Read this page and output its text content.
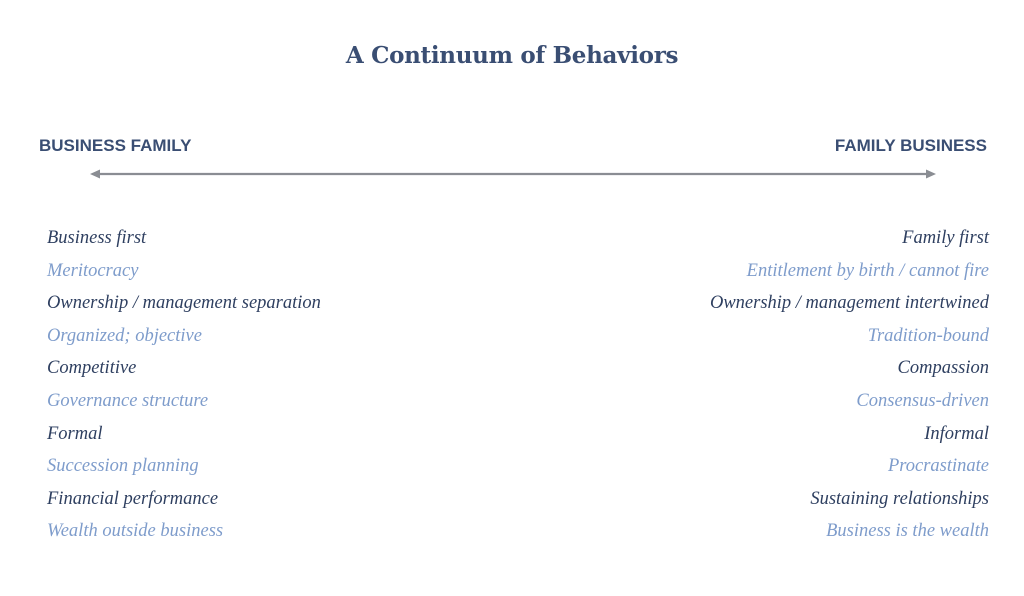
A Continuum of Behaviors
BUSINESS FAMILY	FAMILY BUSINESS
Business first
Meritocracy
Ownership / management separation
Organized; objective
Competitive
Governance structure
Formal
Succession planning
Financial performance
Wealth outside business
Family first
Entitlement by birth / cannot fire
Ownership / management intertwined
Tradition-bound
Compassion
Consensus-driven
Informal
Procrastinate
Sustaining relationships
Business is the wealth
